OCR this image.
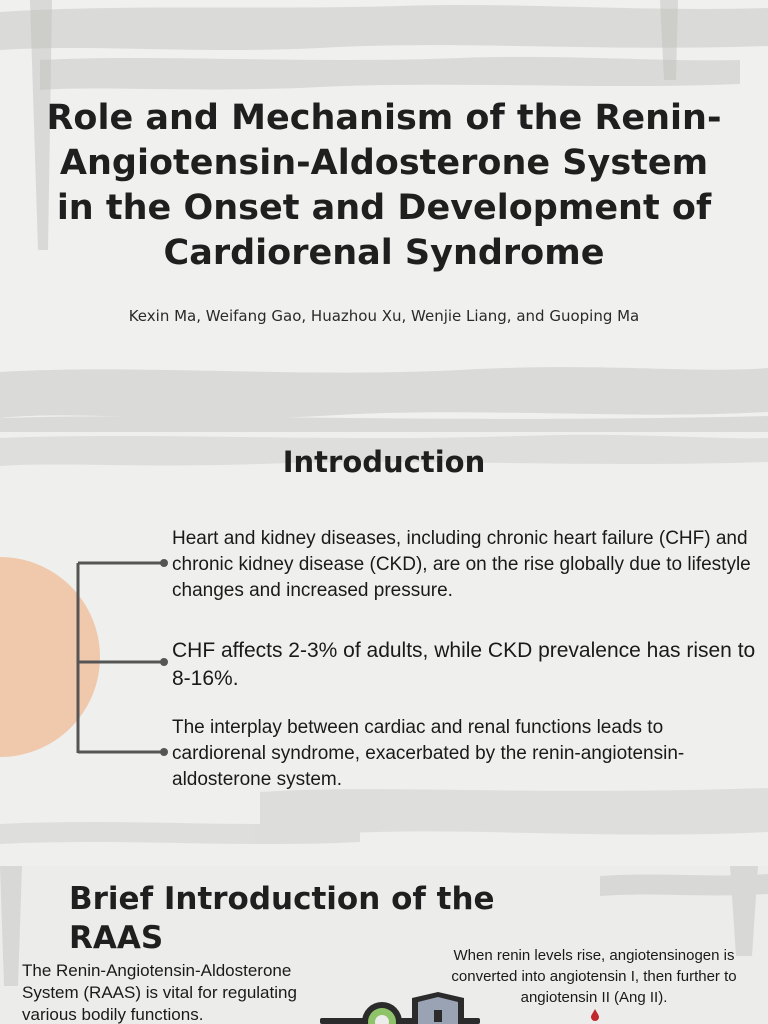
Role and Mechanism of the Renin-Angiotensin-Aldosterone System in the Onset and Development of Cardiorenal Syndrome
Kexin Ma, Weifang Gao, Huazhou Xu, Wenjie Liang, and Guoping Ma
Introduction

Heart and kidney diseases, including chronic heart failure (CHF) and chronic kidney disease (CKD), are on the rise globally due to lifestyle changes and increased pressure.

CHF affects 2-3% of adults, while CKD prevalence has risen to 8-16%.

The interplay between cardiac and renal functions leads to cardiorenal syndrome, exacerbated by the renin-angiotensin-aldosterone system.

Brief Introduction of the RAAS

The Renin-Angiotensin-Aldosterone System (RAAS) is vital for regulating various bodily functions.

When renin levels rise, angiotensinogen is converted into angiotensin I, then further to angiotensin II (Ang II).
